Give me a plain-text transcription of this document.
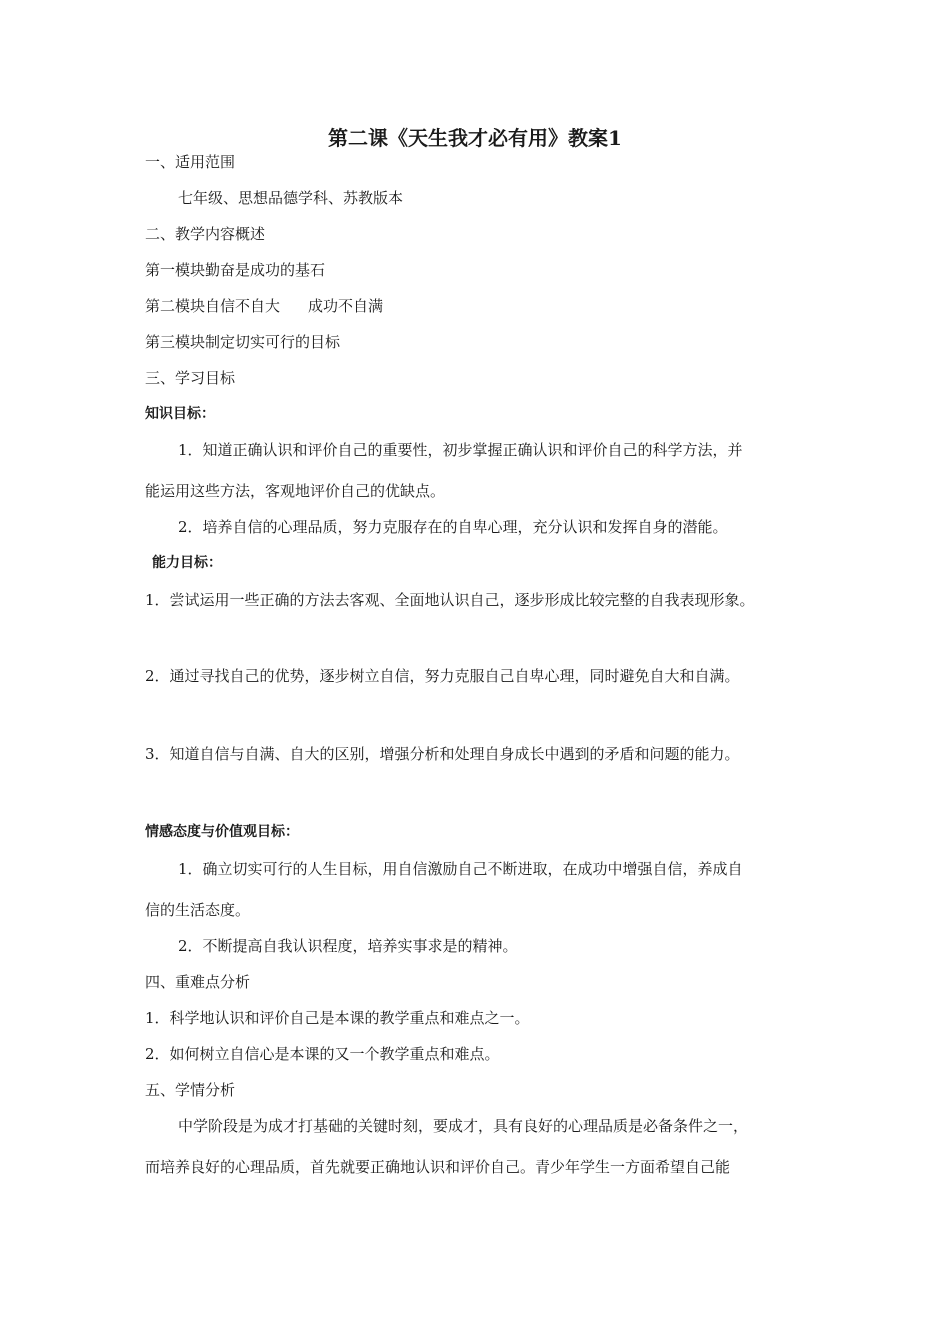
第二课《天生我才必有用》教案1
一、适用范围
七年级、思想品德学科、苏教版本
二、教学内容概述
第一模块勤奋是成功的基石
第二模块自信不自大 成功不自满
第三模块制定切实可行的目标
三、学习目标
知识目标：
1．知道正确认识和评价自己的重要性，初步掌握正确认识和评价自己的科学方法，并
能运用这些方法，客观地评价自己的优缺点。
2．培养自信的心理品质，努力克服存在的自卑心理，充分认识和发挥自身的潜能。
能力目标：
1．尝试运用一些正确的方法去客观、全面地认识自己，逐步形成比较完整的自我表现形象。
2．通过寻找自己的优势，逐步树立自信，努力克服自己自卑心理，同时避免自大和自满。
3．知道自信与自满、自大的区别，增强分析和处理自身成长中遇到的矛盾和问题的能力。
情感态度与价值观目标：
1．确立切实可行的人生目标，用自信激励自己不断进取，在成功中增强自信，养成自
信的生活态度。
2．不断提高自我认识程度，培养实事求是的精神。
四、重难点分析
1．科学地认识和评价自己是本课的教学重点和难点之一。
2．如何树立自信心是本课的又一个教学重点和难点。
五、学情分析
中学阶段是为成才打基础的关键时刻，要成才，具有良好的心理品质是必备条件之一，
而培养良好的心理品质，首先就要正确地认识和评价自己。青少年学生一方面希望自己能
